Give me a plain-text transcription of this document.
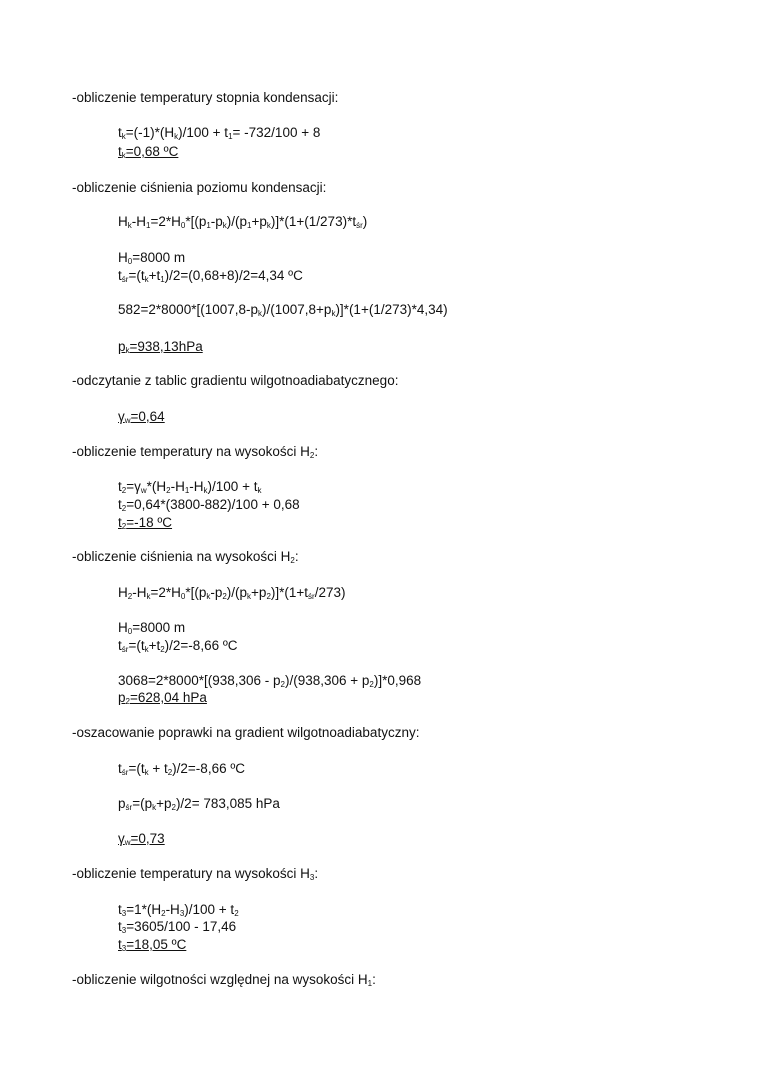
-obliczenie temperatury stopnia kondensacji:
$t_k=(-1)*(H_k)/100 + t_1= -732/100 + 8$
$t_k=0,68$ ºC
-obliczenie ciśnienia poziomu kondensacji:
$H_k-H_1=2*H_0*[(p_1-p_k)/(p_1+p_k)]*(1+(1/273)*t_{śr})$
$H_0=8000$ m
$t_{śr}=(t_k+t_1)/2=(0,68+8)/2=4,34$ ºC
$582=2*8000*[(1007,8-p_k)/(1007,8+p_k)]*(1+(1/273)*4,34)$
$p_k=938,13hPa$
-odczytanie z tablic gradientu wilgotnoadiabatycznego:
$\gamma_w=0,64$
-obliczenie temperatury na wysokości $H_2$:
$t_2=\gamma_w*(H_2-H_1-H_k)/100 + t_k$
$t_2=0,64*(3800-882)/100 + 0,68$
$t_2=-18$ ºC
-obliczenie ciśnienia na wysokości $H_2$:
$H_2-H_k=2*H_0*[(p_k-p_2)/(p_k+p_2)]*(1+t_{śr}/273)$
$H_0=8000$ m
$t_{śr}=(t_k+t_2)/2=-8,66$ ºC
$3068=2*8000*[(938,306 - p_2)/(938,306 + p_2)]*0,968$
$p_2=628,04$ hPa
-oszacowanie poprawki na gradient wilgotnoadiabatyczny:
$t_{śr}=(t_k + t_2)/2=-8,66$ ºC
$p_{śr}=(p_k+p_2)/2= 783,085$ hPa
$\gamma_w=0,73$
-obliczenie temperatury na wysokości $H_3$:
$t_3=1*(H_2-H_3)/100 + t_2$
$t_3=3605/100 - 17,46$
$t_3=18,05$ ºC
-obliczenie wilgotności względnej na wysokości $H_1$:
